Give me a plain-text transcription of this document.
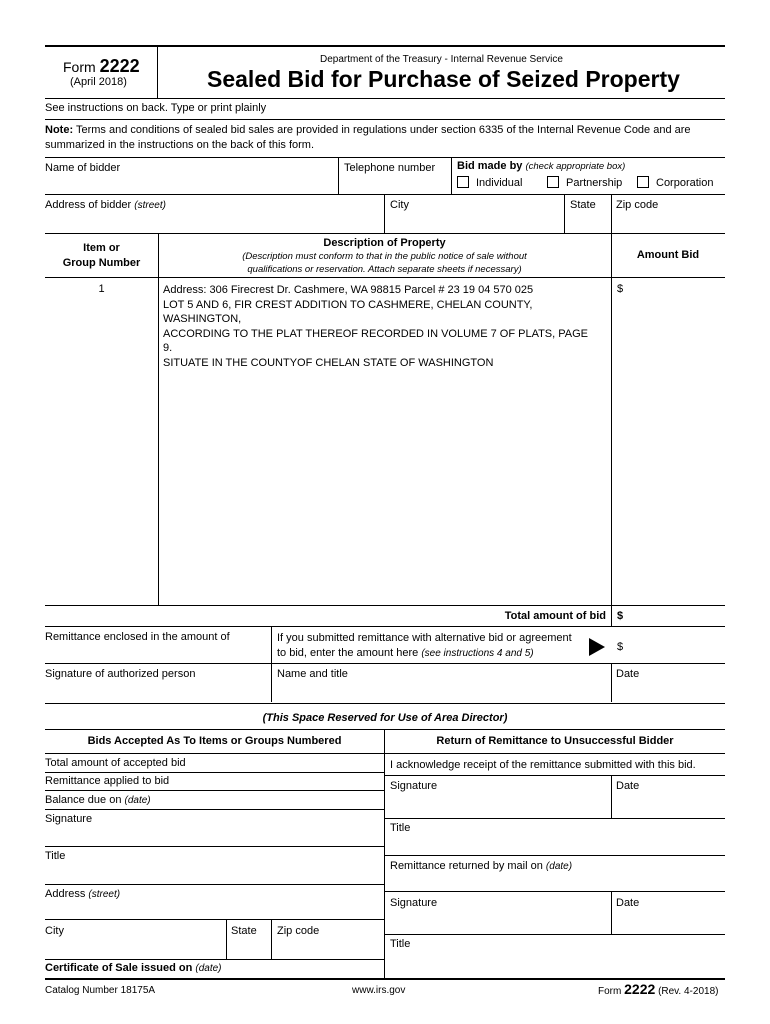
Form 2222
(April 2018)
Department of the Treasury - Internal Revenue Service
Sealed Bid for Purchase of Seized Property
See instructions on back. Type or print plainly
Note: Terms and conditions of sealed bid sales are provided in regulations under section 6335 of the Internal Revenue Code and are
summarized in the instructions on the back of this form.
Name of bidder	Telephone number Bid made by (check appropriate box)
Individual	Partnership	Corporation
Address of bidder (street)	City	State Zip code
Item or
Group Number
Description of Property
(Description must conform to that in the public notice of sale without
qualifications or reservation. Attach separate sheets if necessary)
Amount Bid
1	Address: 306 Firecrest Dr. Cashmere, WA 98815 Parcel # 23 19 04 570 025
LOT 5 AND 6, FIR CREST ADDITION TO CASHMERE, CHELAN COUNTY,
WASHINGTON,
ACCORDING TO THE PLAT THEREOF RECORDED IN VOLUME 7 OF PLATS, PAGE
9.
SITUATE IN THE COUNTYOF CHELAN STATE OF WASHINGTON
$
Total amount of bid $
Remittance enclosed in the amount of	If you submitted remittance with alternative bid or agreement
to bid, enter the amount here (see instructions 4 and 5)
$
Signature of authorized person	Name and title	Date
(This Space Reserved for Use of Area Director)
Bids Accepted As To Items or Groups Numbered	Return of Remittance to Unsuccessful Bidder
Total amount of accepted bid
Remittance applied to bid
Balance due on (date)
Signature
Title
Address (street)
City	State Zip code
Certificate of Sale issued on (date)
I acknowledge receipt of the remittance submitted with this bid.
Signature	Date
Title
Remittance returned by mail on (date)
Signature	Date
Title
Catalog Number 18175A	www.irs.gov	Form 2222 (Rev. 4-2018)
